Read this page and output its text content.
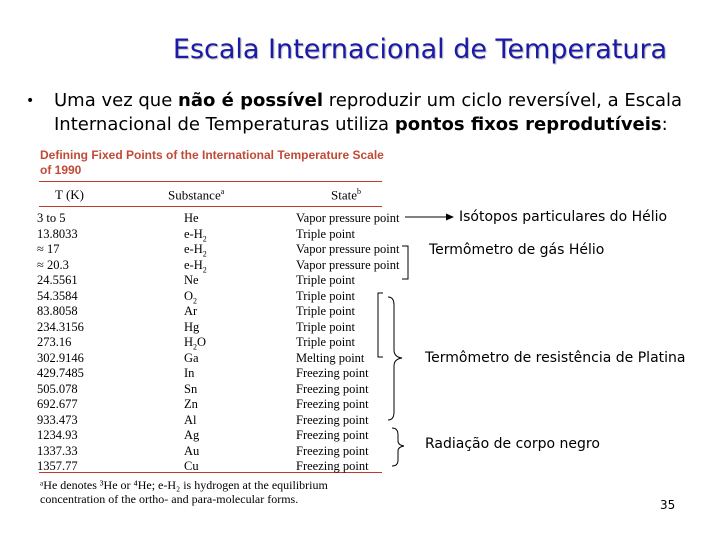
Escala Internacional de Temperatura
• Uma vez que não é possível reproduzir um ciclo reversível, a Escala Internacional de Temperaturas utiliza pontos fixos reprodutíveis:
Defining Fixed Points of the International Temperature Scale of 1990
T (K)	Substance$^a$	State$^b$
3 to 5	He	Vapor pressure point
13.8033	$e-H_2$	Triple point
≈ 17	$e-H_2$	Vapor pressure point
≈ 20.3	$e-H_2$	Vapor pressure point
24.5561	Ne	Triple point
54.3584	$O_2$	Triple point
83.8058	Ar	Triple point
234.3156	Hg	Triple point
273.16	$H_2O$	Triple point
302.9146	Ga	Melting point
429.7485	In	Freezing point
505.078	Sn	Freezing point
692.677	Zn	Freezing point
933.473	Al	Freezing point
1234.93	Ag	Freezing point
1337.33	Au	Freezing point
1357.77	Cu	Freezing point
ᵃHe denotes ³He or ⁴He; e-H₂ is hydrogen at the equilibrium concentration of the ortho- and para-molecular forms.
Isótopos particulares do Hélio
Termômetro de gás Hélio
Termômetro de resistência de Platina
Radiação de corpo negro
35
